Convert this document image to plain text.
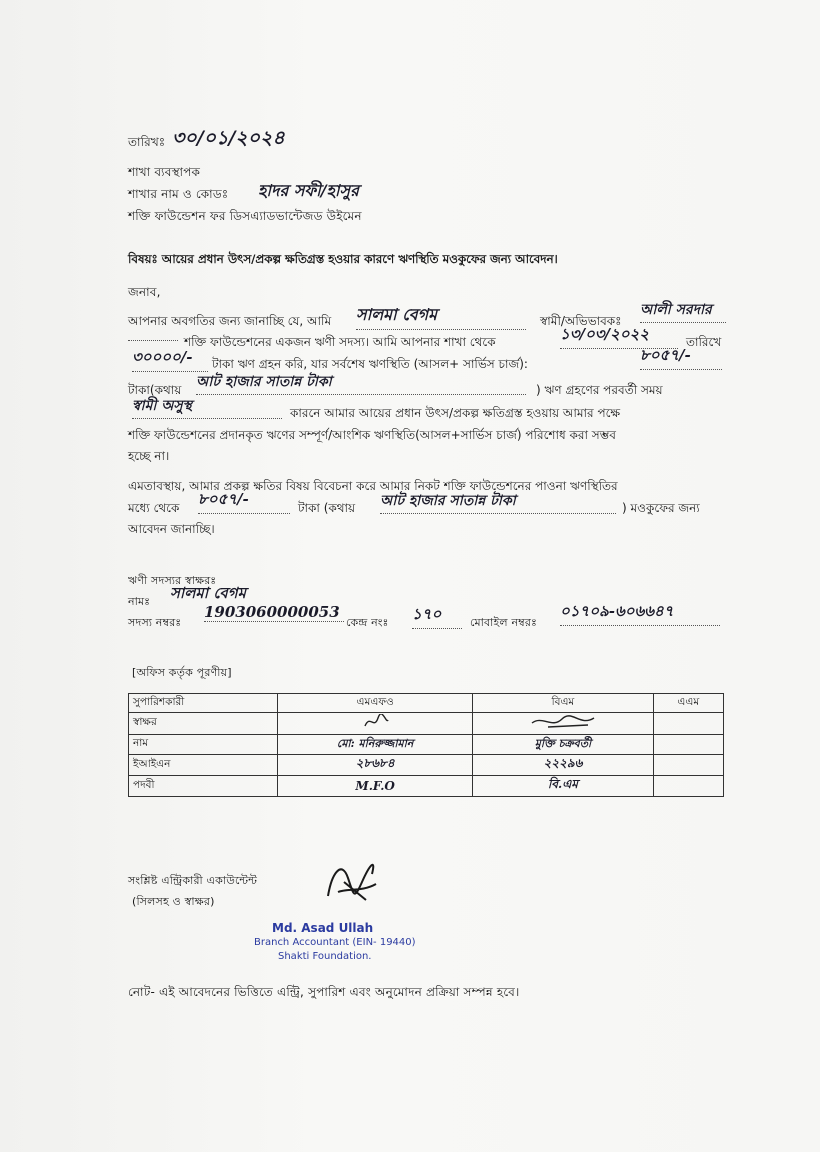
তারিখঃ ৩০/০১/২০২৪
শাখা ব্যবস্থাপক
শাখার নাম ও কোডঃ হাদর সফী/হাসুর
শক্তি ফাউন্ডেশন ফর ডিসএ্যাডভান্টেজড উইমেন
বিষয়ঃ আয়ের প্রধান উৎস/প্রকল্প ক্ষতিগ্রস্ত হওয়ার কারণে ঋণস্থিতি মওকুফের জন্য আবেদন।
জনাব,
আপনার অবগতির জন্য জানাচ্ছি যে, আমি সালমা বেগম	স্বামী/অভিভাবকঃ
আলী সরদার
শক্তি ফাউন্ডেশনের একজন ঋণী সদস্য। আমি আপনার শাখা থেকে	১৩/০৩/২০২২	তারিখে
৩০০০০/-	টাকা ঋণ গ্রহন করি, যার সর্বশেষ ঋণস্থিতি (আসল+ সার্ভিস চার্জ):	৮০৫৭/-
টাকা(কথায় আট হাজার সাতান্ন টাকা	) ঋণ গ্রহণের পরবর্তী সময়
স্বামী অসুস্থ	কারনে আমার আয়ের প্রধান উৎস/প্রকল্প ক্ষতিগ্রস্ত হওয়ায় আমার পক্ষে
শক্তি ফাউন্ডেশনের প্রদানকৃত ঋণের সম্পূর্ণ/আংশিক ঋণস্থিতি(আসল+সার্ভিস চার্জ) পরিশোধ করা সম্ভব
হচ্ছে না।
এমতাবস্থায়, আমার প্রকল্প ক্ষতির বিষয় বিবেচনা করে আমার নিকট শক্তি ফাউন্ডেশনের পাওনা ঋণস্থিতির
মধ্যে থেকে ৮০৫৭/-	টাকা (কথায় আট হাজার সাতান্ন টাকা	) মওকুফের জন্য
আবেদন জানাচ্ছি।
ঋণী সদস্যর স্বাক্ষরঃ
নামঃ সালমা বেগম
সদস্য নম্বরঃ
1903060000053
কেন্দ্র নংঃ ১৭০	মোবাইল নম্বরঃ
০১৭০৯-৬০৬৬৪৭
[অফিস কর্তৃক পূরণীয়]
সুপারিশকারী	এমএফও	বিএম	এএম
স্বাক্ষর			
নাম	মো: মনিরুজ্জামান	মুক্তি চক্রবর্তী	
ইআইএন	২৮৬৮৪	২২২৯৬	
পদবী	M.F.O	বি.এম	
সংশ্লিষ্ট এন্ট্রিকারী একাউন্টেন্ট
(সিলসহ ও স্বাক্ষর)
Md. Asad Ullah
Branch Accountant (EIN- 19440)
Shakti Foundation.
নোট- এই আবেদনের ভিত্তিতে এন্ট্রি, সুপারিশ এবং অনুমোদন প্রক্রিয়া সম্পন্ন হবে।
